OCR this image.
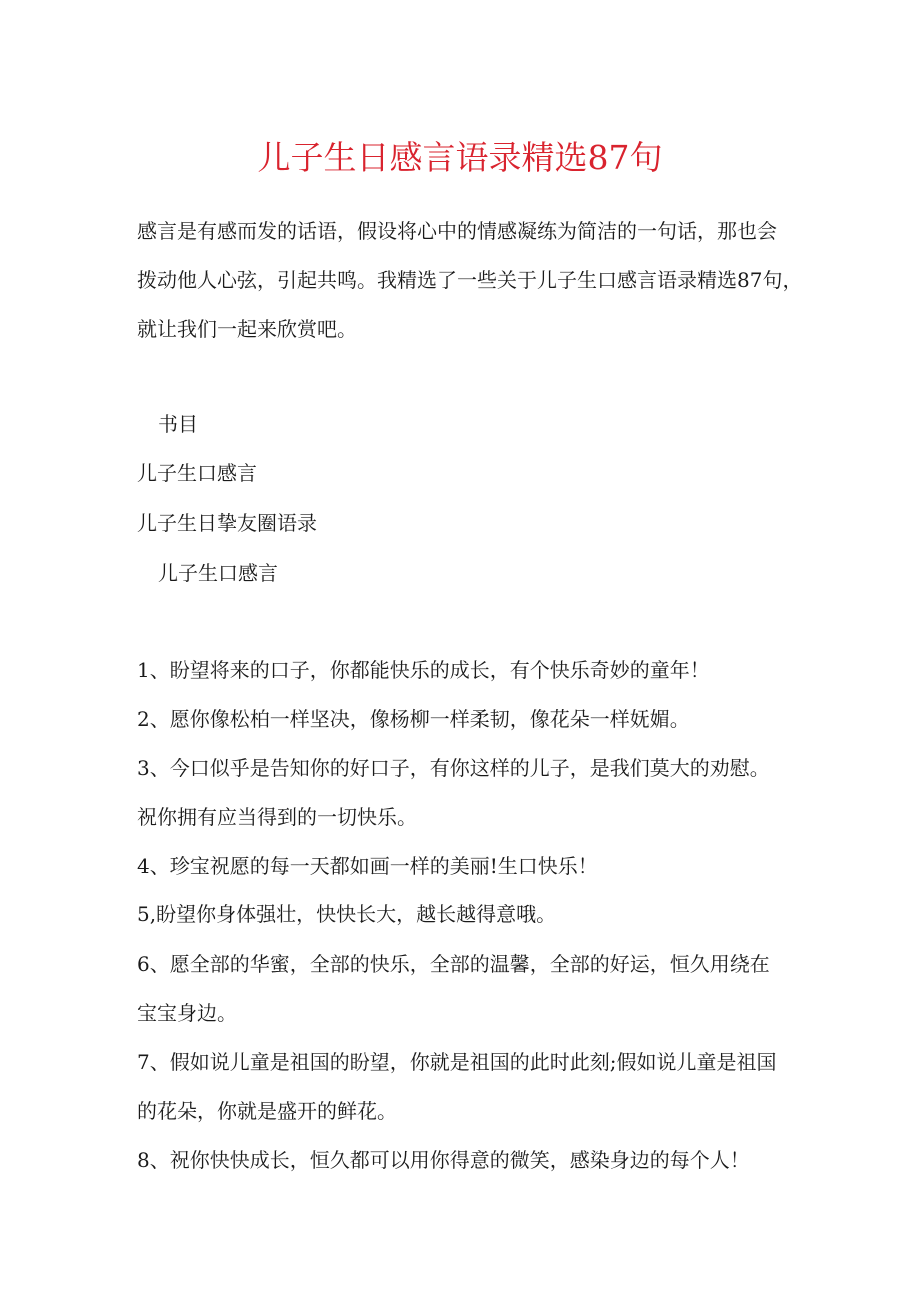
儿子生日感言语录精选87句
感言是有感而发的话语，假设将心中的情感凝练为简洁的一句话，那也会
拨动他人心弦，引起共鸣。我精选了一些关于儿子生口感言语录精选87句，
就让我们一起来欣赏吧。
书目
儿子生口感言
儿子生日挚友圈语录
儿子生口感言
1、盼望将来的口子，你都能快乐的成长，有个快乐奇妙的童年！
2、愿你像松柏一样坚决，像杨柳一样柔韧，像花朵一样妩媚。
3、今口似乎是告知你的好口子，有你这样的儿子，是我们莫大的劝慰。
祝你拥有应当得到的一切快乐。
4、珍宝祝愿的每一天都如画一样的美丽!生口快乐！
5,盼望你身体强壮，快快长大，越长越得意哦。
6、愿全部的华蜜，全部的快乐，全部的温馨，全部的好运，恒久用绕在
宝宝身边。
7、假如说儿童是祖国的盼望，你就是祖国的此时此刻;假如说儿童是祖国
的花朵，你就是盛开的鲜花。
8、祝你快快成长，恒久都可以用你得意的微笑，感染身边的每个人！
